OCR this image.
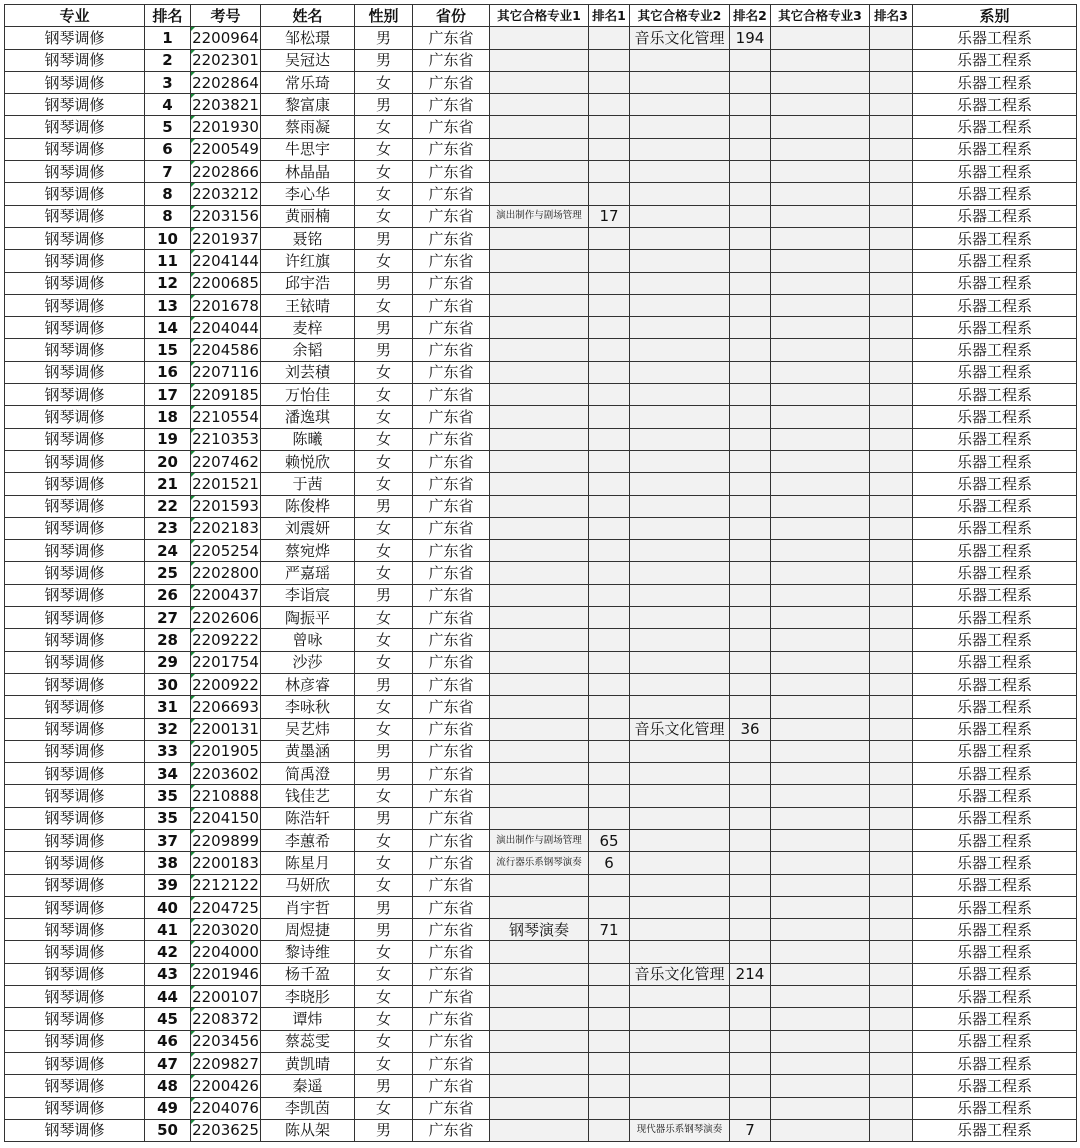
专业	排名	考号	姓名	性别	省份	其它合格专业1	排名1	其它合格专业2	排名2	其它合格专业3	排名3	系别
钢琴调修	1	2200964	邹松璟	男	广东省			音乐文化管理	194			乐器工程系
钢琴调修	2	2202301	吴冠达	男	广东省							乐器工程系
钢琴调修	3	2202864	常乐琦	女	广东省							乐器工程系
钢琴调修	4	2203821	黎富康	男	广东省							乐器工程系
钢琴调修	5	2201930	蔡雨凝	女	广东省							乐器工程系
钢琴调修	6	2200549	牛思宇	女	广东省							乐器工程系
钢琴调修	7	2202866	林晶晶	女	广东省							乐器工程系
钢琴调修	8	2203212	李心华	女	广东省							乐器工程系
钢琴调修	8	2203156	黄丽楠	女	广东省	演出制作与剧场管理	17					乐器工程系
钢琴调修	10	2201937	聂铭	男	广东省							乐器工程系
钢琴调修	11	2204144	许红旗	女	广东省							乐器工程系
钢琴调修	12	2200685	邱宇浩	男	广东省							乐器工程系
钢琴调修	13	2201678	王铱晴	女	广东省							乐器工程系
钢琴调修	14	2204044	麦梓	男	广东省							乐器工程系
钢琴调修	15	2204586	余韬	男	广东省							乐器工程系
钢琴调修	16	2207116	刘芸積	女	广东省							乐器工程系
钢琴调修	17	2209185	万怡佳	女	广东省							乐器工程系
钢琴调修	18	2210554	潘逸琪	女	广东省							乐器工程系
钢琴调修	19	2210353	陈曦	女	广东省							乐器工程系
钢琴调修	20	2207462	赖悦欣	女	广东省							乐器工程系
钢琴调修	21	2201521	于茜	女	广东省							乐器工程系
钢琴调修	22	2201593	陈俊桦	男	广东省							乐器工程系
钢琴调修	23	2202183	刘震妍	女	广东省							乐器工程系
钢琴调修	24	2205254	蔡宛烨	女	广东省							乐器工程系
钢琴调修	25	2202800	严嘉瑶	女	广东省							乐器工程系
钢琴调修	26	2200437	李诣宸	男	广东省							乐器工程系
钢琴调修	27	2202606	陶振平	女	广东省							乐器工程系
钢琴调修	28	2209222	曾咏	女	广东省							乐器工程系
钢琴调修	29	2201754	沙莎	女	广东省							乐器工程系
钢琴调修	30	2200922	林彦睿	男	广东省							乐器工程系
钢琴调修	31	2206693	李咏秋	女	广东省							乐器工程系
钢琴调修	32	2200131	吴艺炜	女	广东省			音乐文化管理	36			乐器工程系
钢琴调修	33	2201905	黄墨涵	男	广东省							乐器工程系
钢琴调修	34	2203602	简禹澄	男	广东省							乐器工程系
钢琴调修	35	2210888	钱佳艺	女	广东省							乐器工程系
钢琴调修	35	2204150	陈浩轩	男	广东省							乐器工程系
钢琴调修	37	2209899	李蕙希	女	广东省	演出制作与剧场管理	65					乐器工程系
钢琴调修	38	2200183	陈星月	女	广东省	流行器乐系钢琴演奏	6					乐器工程系
钢琴调修	39	2212122	马妍欣	女	广东省							乐器工程系
钢琴调修	40	2204725	肖宇哲	男	广东省							乐器工程系
钢琴调修	41	2203020	周煜捷	男	广东省	钢琴演奏	71					乐器工程系
钢琴调修	42	2204000	黎诗维	女	广东省							乐器工程系
钢琴调修	43	2201946	杨千盈	女	广东省			音乐文化管理	214			乐器工程系
钢琴调修	44	2200107	李晓肜	女	广东省							乐器工程系
钢琴调修	45	2208372	谭炜	女	广东省							乐器工程系
钢琴调修	46	2203456	蔡蕊雯	女	广东省							乐器工程系
钢琴调修	47	2209827	黄凯晴	女	广东省							乐器工程系
钢琴调修	48	2200426	秦遥	男	广东省							乐器工程系
钢琴调修	49	2204076	李凯茵	女	广东省							乐器工程系
钢琴调修	50	2203625	陈从架	男	广东省			现代器乐系钢琴演奏	7			乐器工程系
